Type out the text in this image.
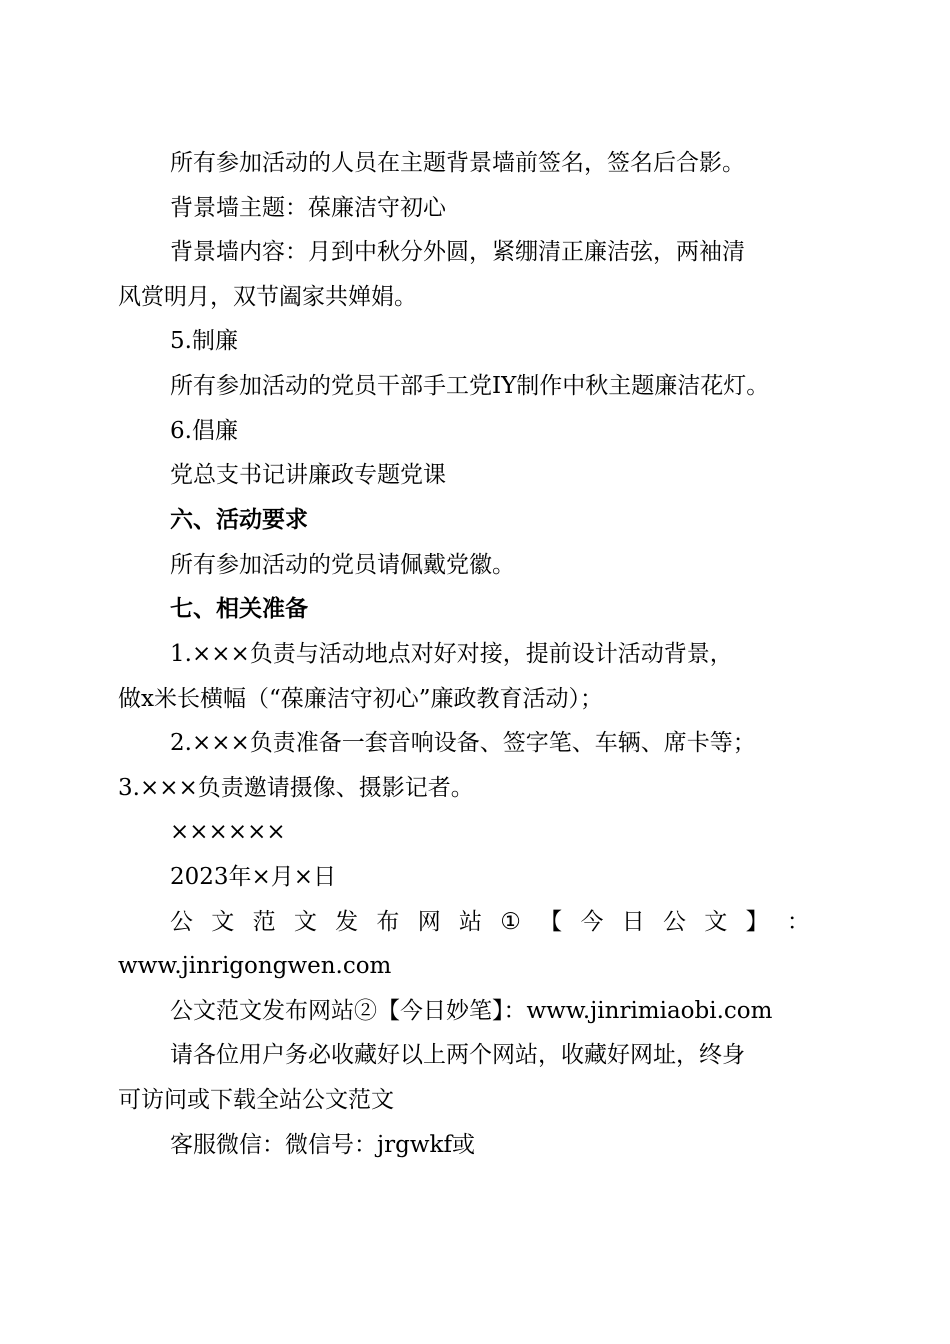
所有参加活动的人员在主题背景墙前签名，签名后合影。
背景墙主题：葆廉洁守初心
背景墙内容：月到中秋分外圆，紧绷清正廉洁弦，两袖清
风赏明月，双节阖家共婵娟。
5.制廉
所有参加活动的党员干部手工党IY制作中秋主题廉洁花灯。
6.倡廉
党总支书记讲廉政专题党课
六、活动要求
所有参加活动的党员请佩戴党徽。
七、相关准备
1.×××负责与活动地点对好对接，提前设计活动背景，
做x米长横幅（“葆廉洁守初心”廉政教育活动）；
2.×××负责准备一套音响设备、签字笔、车辆、席卡等；
3.×××负责邀请摄像、摄影记者。
××××××
2023年×月×日
公 文 范 文 发 布 网 站 ① 【 今 日 公 文 】 ：
www.jinrigongwen.com
公文范文发布网站②【今日妙笔】：www.jinrimiaobi.com
请各位用户务必收藏好以上两个网站，收藏好网址，终身
可访问或下载全站公文范文
客服微信：微信号：jrgwkf或
